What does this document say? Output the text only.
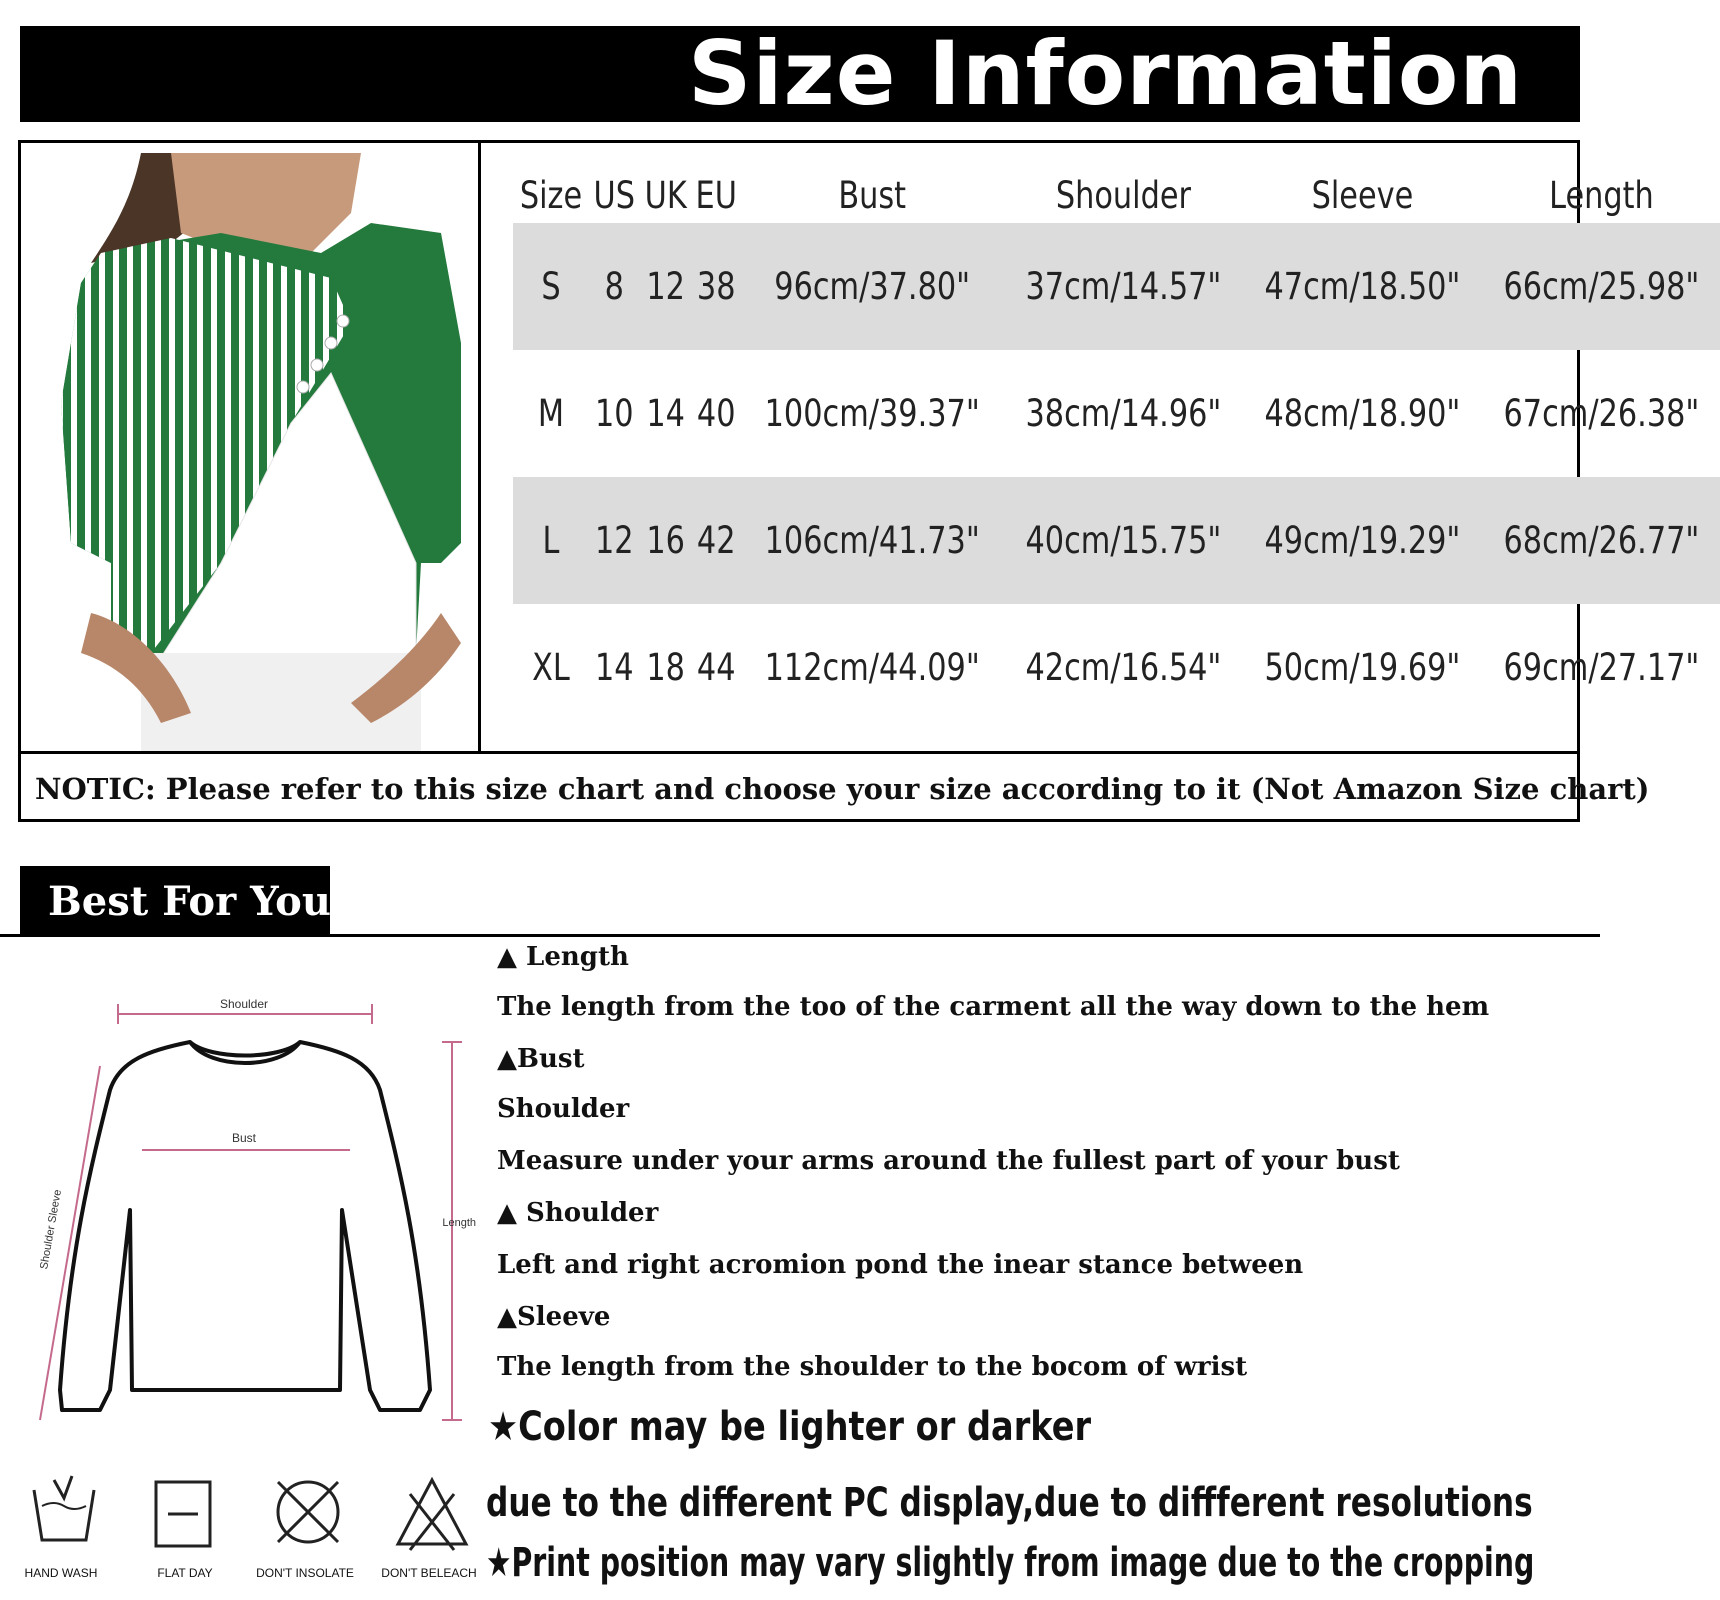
Size Information
Size	US	UK	EU	Bust	Shoulder	Sleeve	Length
S	8	12	38	96cm/37.80"	37cm/14.57"	47cm/18.50"	66cm/25.98"
M	10	14	40	100cm/39.37"	38cm/14.96"	48cm/18.90"	67cm/26.38"
L	12	16	42	106cm/41.73"	40cm/15.75"	49cm/19.29"	68cm/26.77"
XL	14	18	44	112cm/44.09"	42cm/16.54"	50cm/19.69"	69cm/27.17"
NOTIC: Please refer to this size chart and choose your size according to it (Not Amazon Size chart)
Best For You
Shoulder
Bust
Length
Shoulder Sleeve
▲ Length
The length from the too of the carment all the way down to the hem
▲Bust
Shoulder
Measure under your arms around the fullest part of your bust
▲ Shoulder
Left and right acromion pond the inear stance between
▲Sleeve
The length from the shoulder to the bocom of wrist
★Color may be lighter or darker
due to the different PC display,due to diffferent resolutions
★Print position may vary slightly from image due to the cropping
HAND WASH	FLAT DAY	DON'T INSOLATE	DON'T BELEACH
